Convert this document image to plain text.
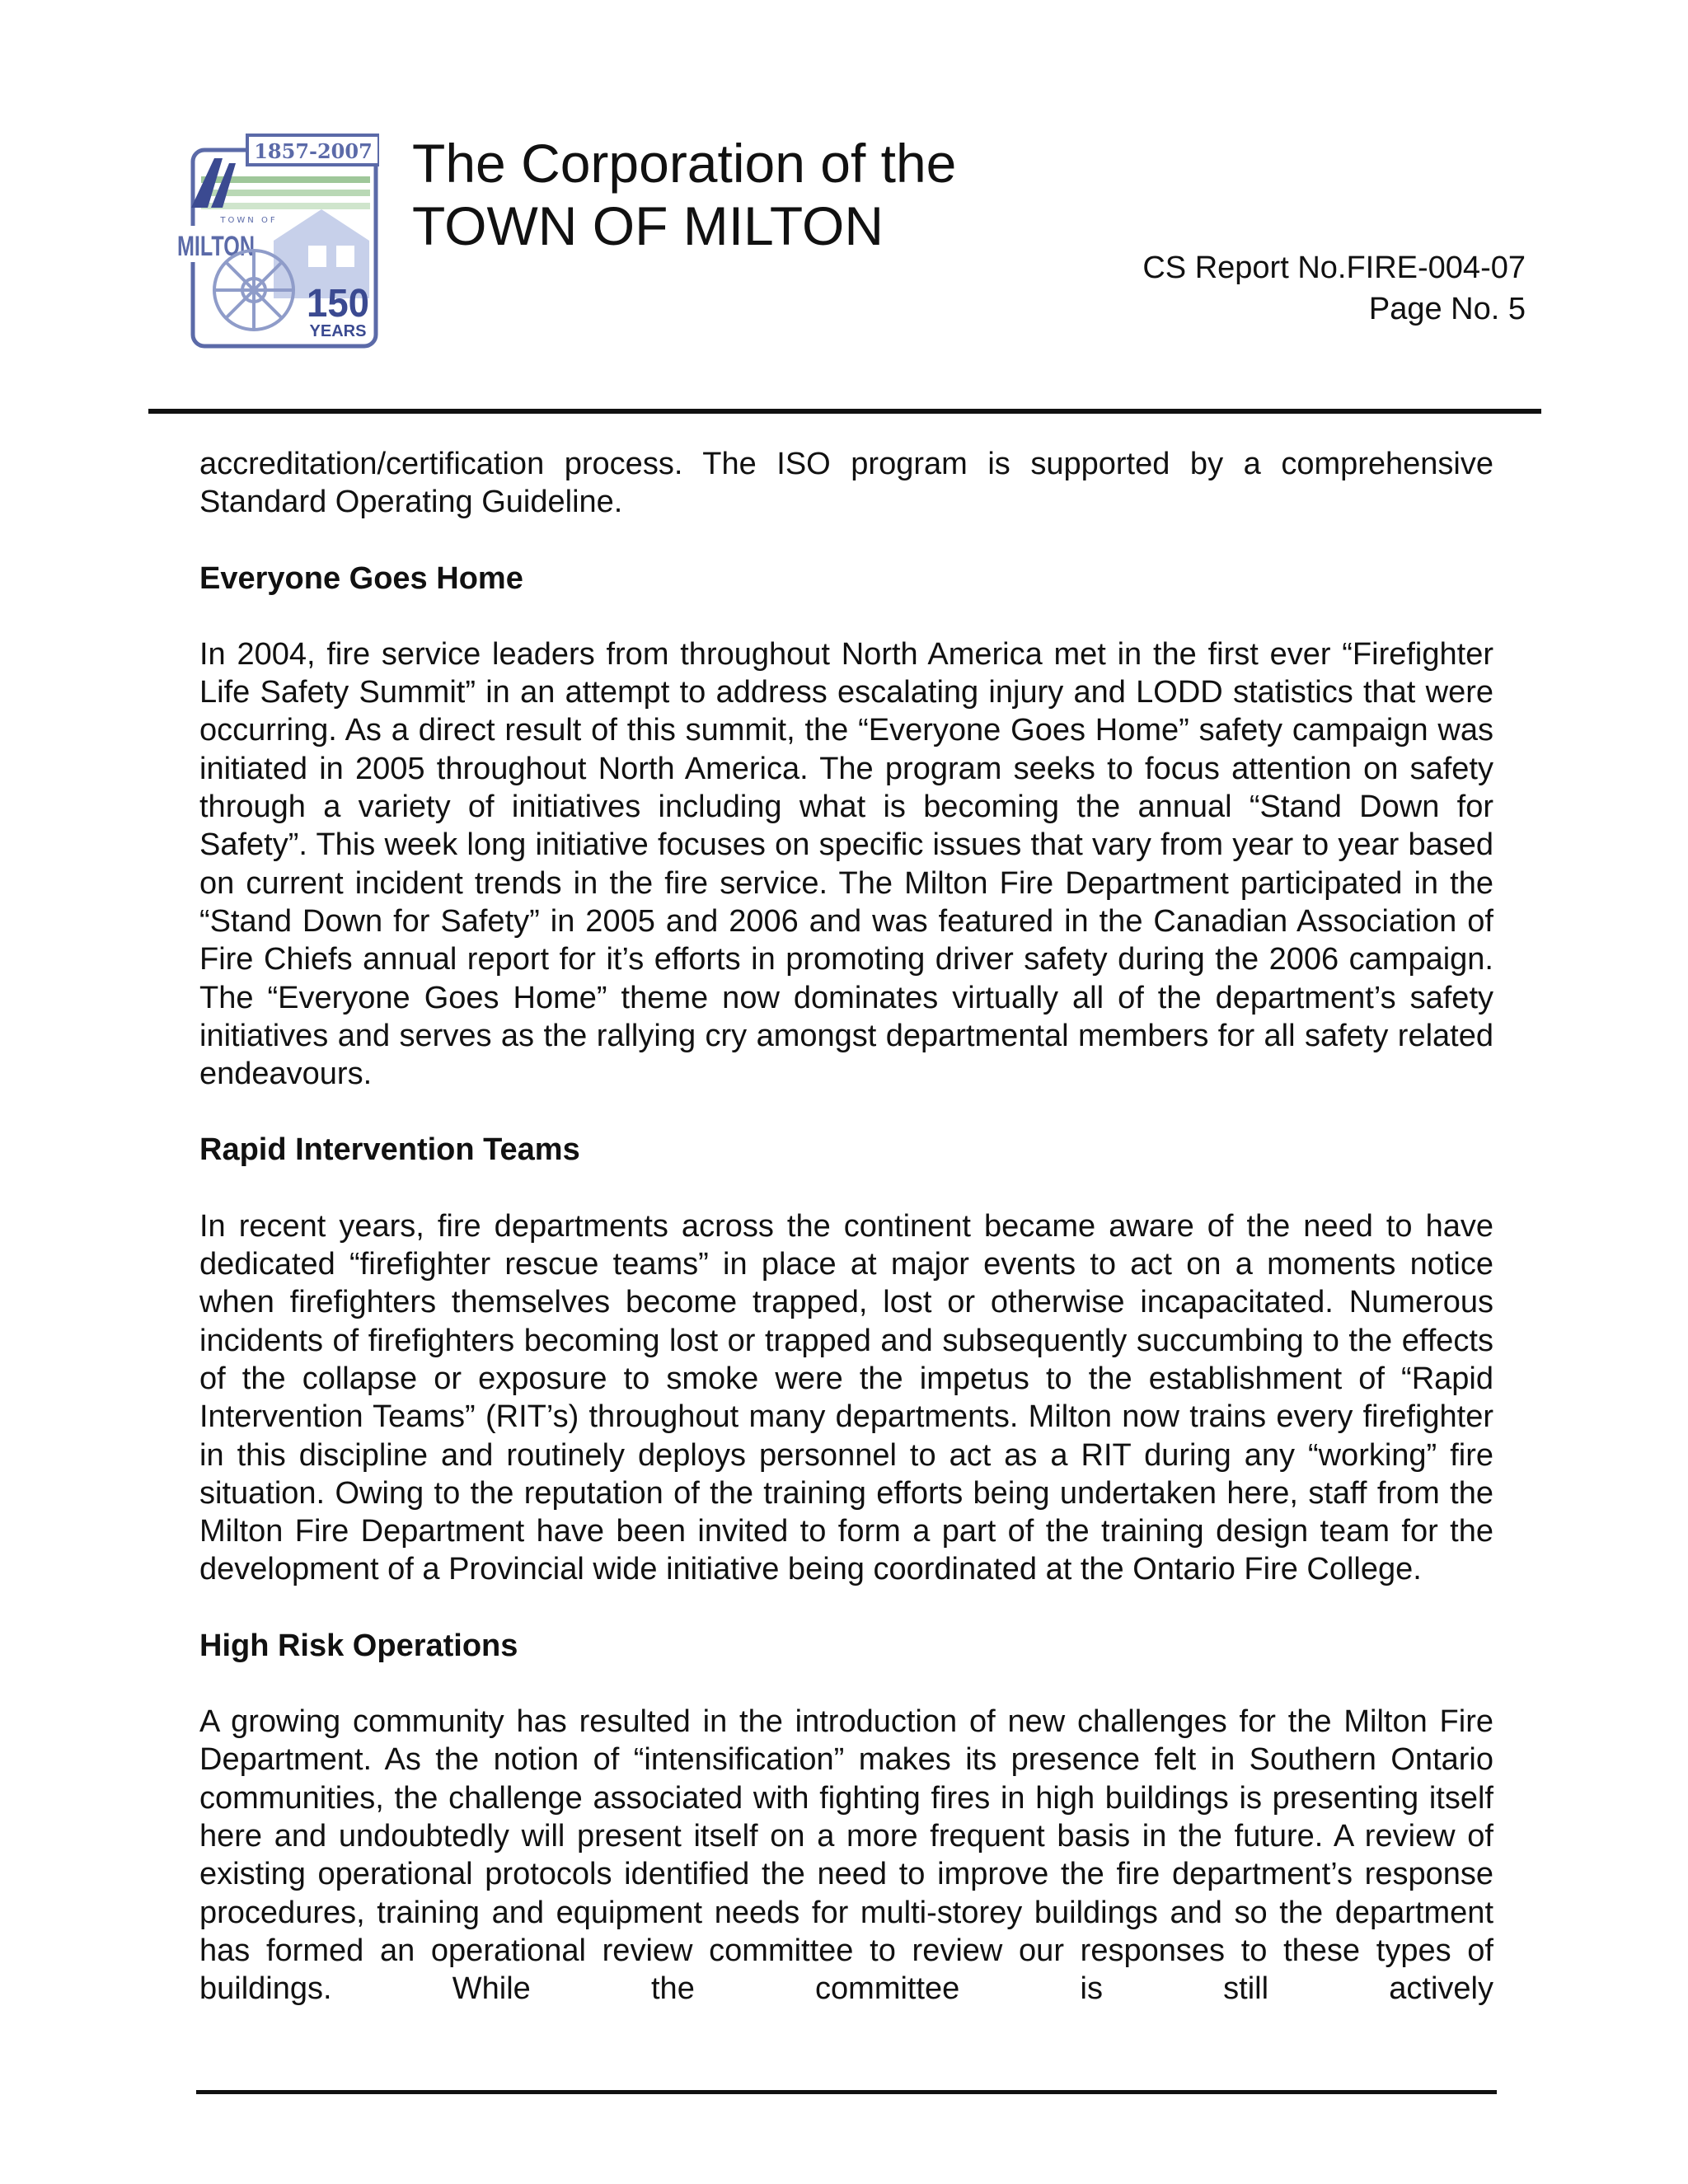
1857-2007
TOWN OF
MILTON
150
YEARS
The Corporation of the
TOWN OF MILTON
CS Report No.FIRE-004-07
Page No. 5

accreditation/certification process. The ISO program is supported by a comprehensive Standard Operating Guideline.

Everyone Goes Home

In 2004, fire service leaders from throughout North America met in the first ever “Firefighter Life Safety Summit” in an attempt to address escalating injury and LODD statistics that were occurring. As a direct result of this summit, the “Everyone Goes Home” safety campaign was initiated in 2005 throughout North America. The program seeks to focus attention on safety through a variety of initiatives including what is becoming the annual “Stand Down for Safety”. This week long initiative focuses on specific issues that vary from year to year based on current incident trends in the fire service. The Milton Fire Department participated in the “Stand Down for Safety” in 2005 and 2006 and was featured in the Canadian Association of Fire Chiefs annual report for it’s efforts in promoting driver safety during the 2006 campaign. The “Everyone Goes Home” theme now dominates virtually all of the department’s safety initiatives and serves as the rallying cry amongst departmental members for all safety related endeavours.

Rapid Intervention Teams

In recent years, fire departments across the continent became aware of the need to have dedicated “firefighter rescue teams” in place at major events to act on a moments notice when firefighters themselves become trapped, lost or otherwise incapacitated. Numerous incidents of firefighters becoming lost or trapped and subsequently succumbing to the effects of the collapse or exposure to smoke were the impetus to the establishment of “Rapid Intervention Teams” (RIT’s) throughout many departments. Milton now trains every firefighter in this discipline and routinely deploys personnel to act as a RIT during any “working” fire situation. Owing to the reputation of the training efforts being undertaken here, staff from the Milton Fire Department have been invited to form a part of the training design team for the development of a Provincial wide initiative being coordinated at the Ontario Fire College.

High Risk Operations

A growing community has resulted in the introduction of new challenges for the Milton Fire Department. As the notion of “intensification” makes its presence felt in Southern Ontario communities, the challenge associated with fighting fires in high buildings is presenting itself here and undoubtedly will present itself on a more frequent basis in the future. A review of existing operational protocols identified the need to improve the fire department’s response procedures, training and equipment needs for multi-storey buildings and so the department has formed an operational review committee to review our responses to these types of buildings. While the committee is still actively
